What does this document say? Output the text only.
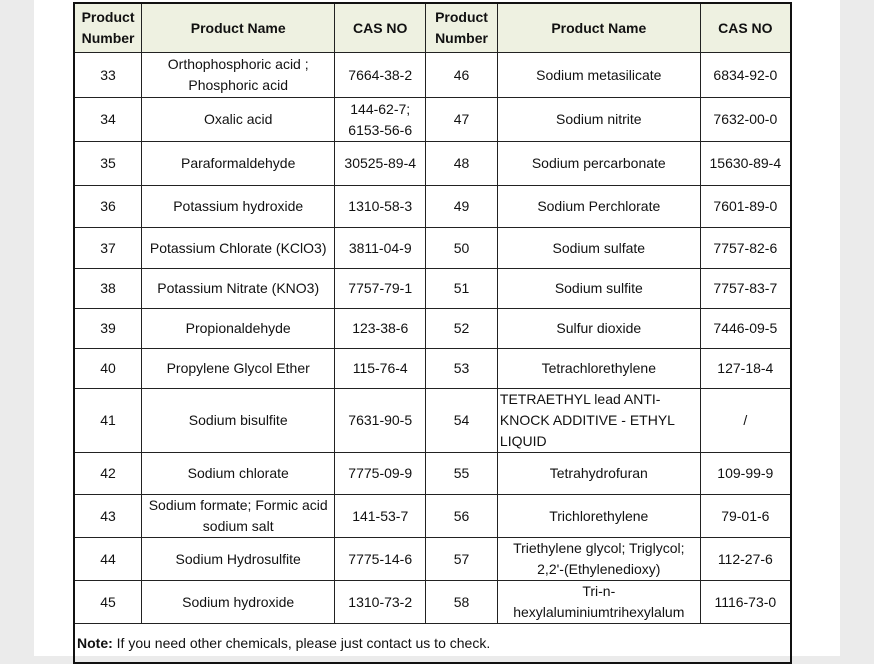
Product Number	Product Name	CAS NO	Product Number	Product Name	CAS NO
33	Orthophosphoric acid ; Phosphoric acid	7664-38-2	46	Sodium metasilicate	6834-92-0
34	Oxalic acid	144-62-7; 6153-56-6	47	Sodium nitrite	7632-00-0
35	Paraformaldehyde	30525-89-4	48	Sodium percarbonate	15630-89-4
36	Potassium hydroxide	1310-58-3	49	Sodium Perchlorate	7601-89-0
37	Potassium Chlorate (KClO3)	3811-04-9	50	Sodium sulfate	7757-82-6
38	Potassium Nitrate (KNO3)	7757-79-1	51	Sodium sulfite	7757-83-7
39	Propionaldehyde	123-38-6	52	Sulfur dioxide	7446-09-5
40	Propylene Glycol Ether	115-76-4	53	Tetrachlorethylene	127-18-4
41	Sodium bisulfite	7631-90-5	54	TETRAETHYL lead ANTI-KNOCK ADDITIVE - ETHYL LIQUID	/
42	Sodium chlorate	7775-09-9	55	Tetrahydrofuran	109-99-9
43	Sodium formate; Formic acid sodium salt	141-53-7	56	Trichlorethylene	79-01-6
44	Sodium Hydrosulfite	7775-14-6	57	Triethylene glycol; Triglycol; 2,2'-(Ethylenedioxy)	112-27-6
45	Sodium hydroxide	1310-73-2	58	Tri-n-hexylaluminiumtrihexylalum	1116-73-0
Note: If you need other chemicals, please just contact us to check.					
